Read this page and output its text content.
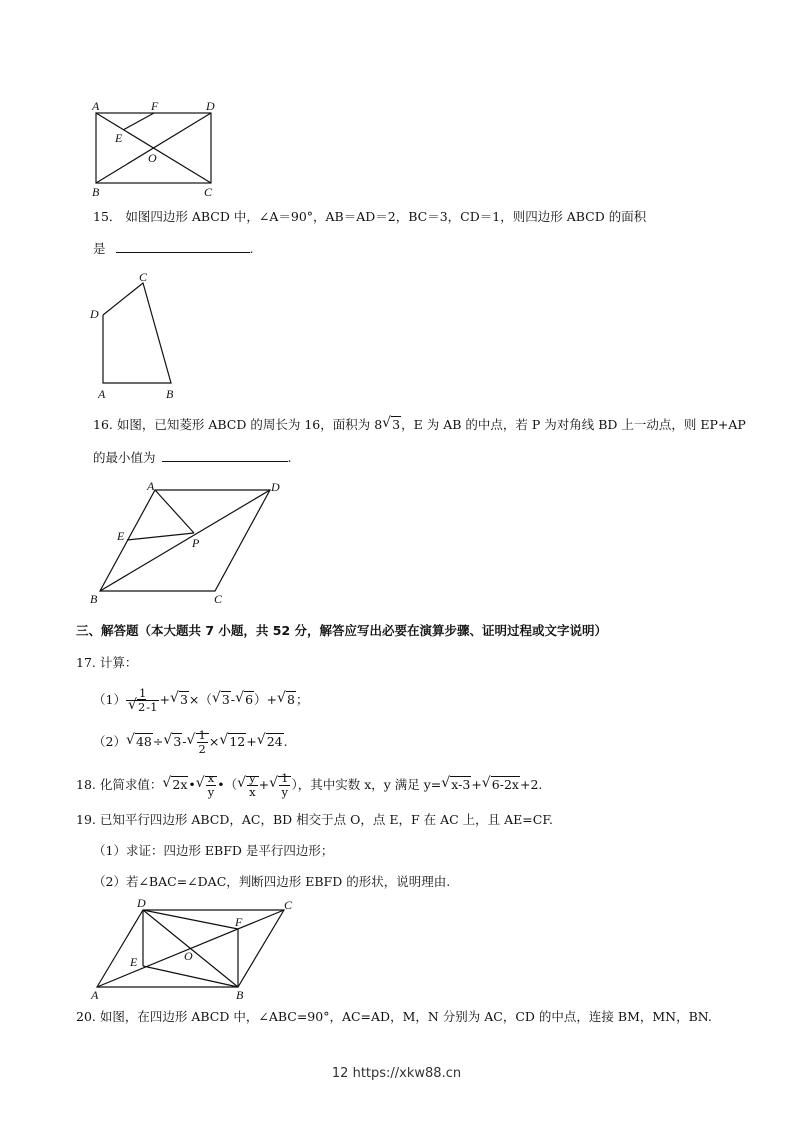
A	F	D
E
O
B	C
15． 如图四边形 ABCD 中，∠A＝90°，AB＝AD＝2，BC＝3，CD＝1，则四边形 ABCD 的面积
是	.
C
D
A	B
16. 如图，已知菱形 ABCD 的周长为 16，面积为 8 √ 3，E 为 AB 的中点，若 P 为对角线 BD 上一动点，则 EP+AP
的最小值为	.
A	D
E	P
B	C
三、解答题（本大题共 7 小题，共 52 分，解答应写出必要在演算步骤、证明过程或文字说明）
17. 计算：
$(1) \frac{1}{√ 2-1}$ + √ 3×（ √ 3- √ 6）+ √ 8；
（2） √ 48÷ √ 3- √ $\frac{1}{2}$ × √ 12+ √ 24.
18. 化简求值： √ 2x• √ $\frac{x}{y}$ •（ √ $\frac{y}{x}$ + √ $\frac{1}{y}$ ），其中实数 x，y 满足 y= √ x-3+ √ 6-2x+2.
19. 已知平行四边形 ABCD，AC，BD 相交于点 O，点 E，F 在 AC 上，且 AE=CF.
（1）求证：四边形 EBFD 是平行四边形；
（2）若∠BAC=∠DAC，判断四边形 EBFD 的形状，说明理由.
D	C
F
E	O
A	B
20. 如图，在四边形 ABCD 中，∠ABC=90°，AC=AD，M，N 分别为 AC，CD 的中点，连接 BM，MN，BN.
12 https://xkw88.cn
